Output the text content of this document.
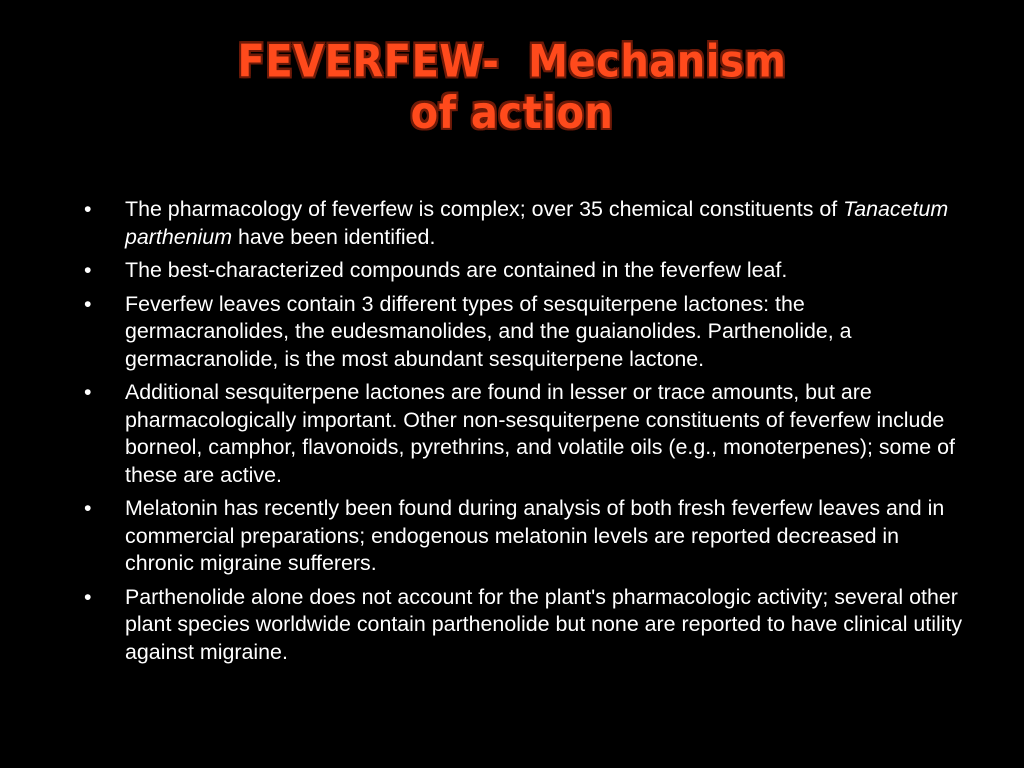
FEVERFEW-  Mechanism
of action
•	The pharmacology of feverfew is complex; over 35 chemical constituents of Tanacetum parthenium have been identified.
•	The best-characterized compounds are contained in the feverfew leaf.
•	Feverfew leaves contain 3 different types of sesquiterpene lactones: the germacranolides, the eudesmanolides, and the guaianolides. Parthenolide, a germacranolide, is the most abundant sesquiterpene lactone.
•	Additional sesquiterpene lactones are found in lesser or trace amounts, but are pharmacologically important. Other non-sesquiterpene constituents of feverfew include borneol, camphor, flavonoids, pyrethrins, and volatile oils (e.g., monoterpenes); some of these are active.
•	Melatonin has recently been found during analysis of both fresh feverfew leaves and in commercial preparations; endogenous melatonin levels are reported decreased in chronic migraine sufferers.
•	Parthenolide alone does not account for the plant's pharmacologic activity; several other plant species worldwide contain parthenolide but none are reported to have clinical utility against migraine.
